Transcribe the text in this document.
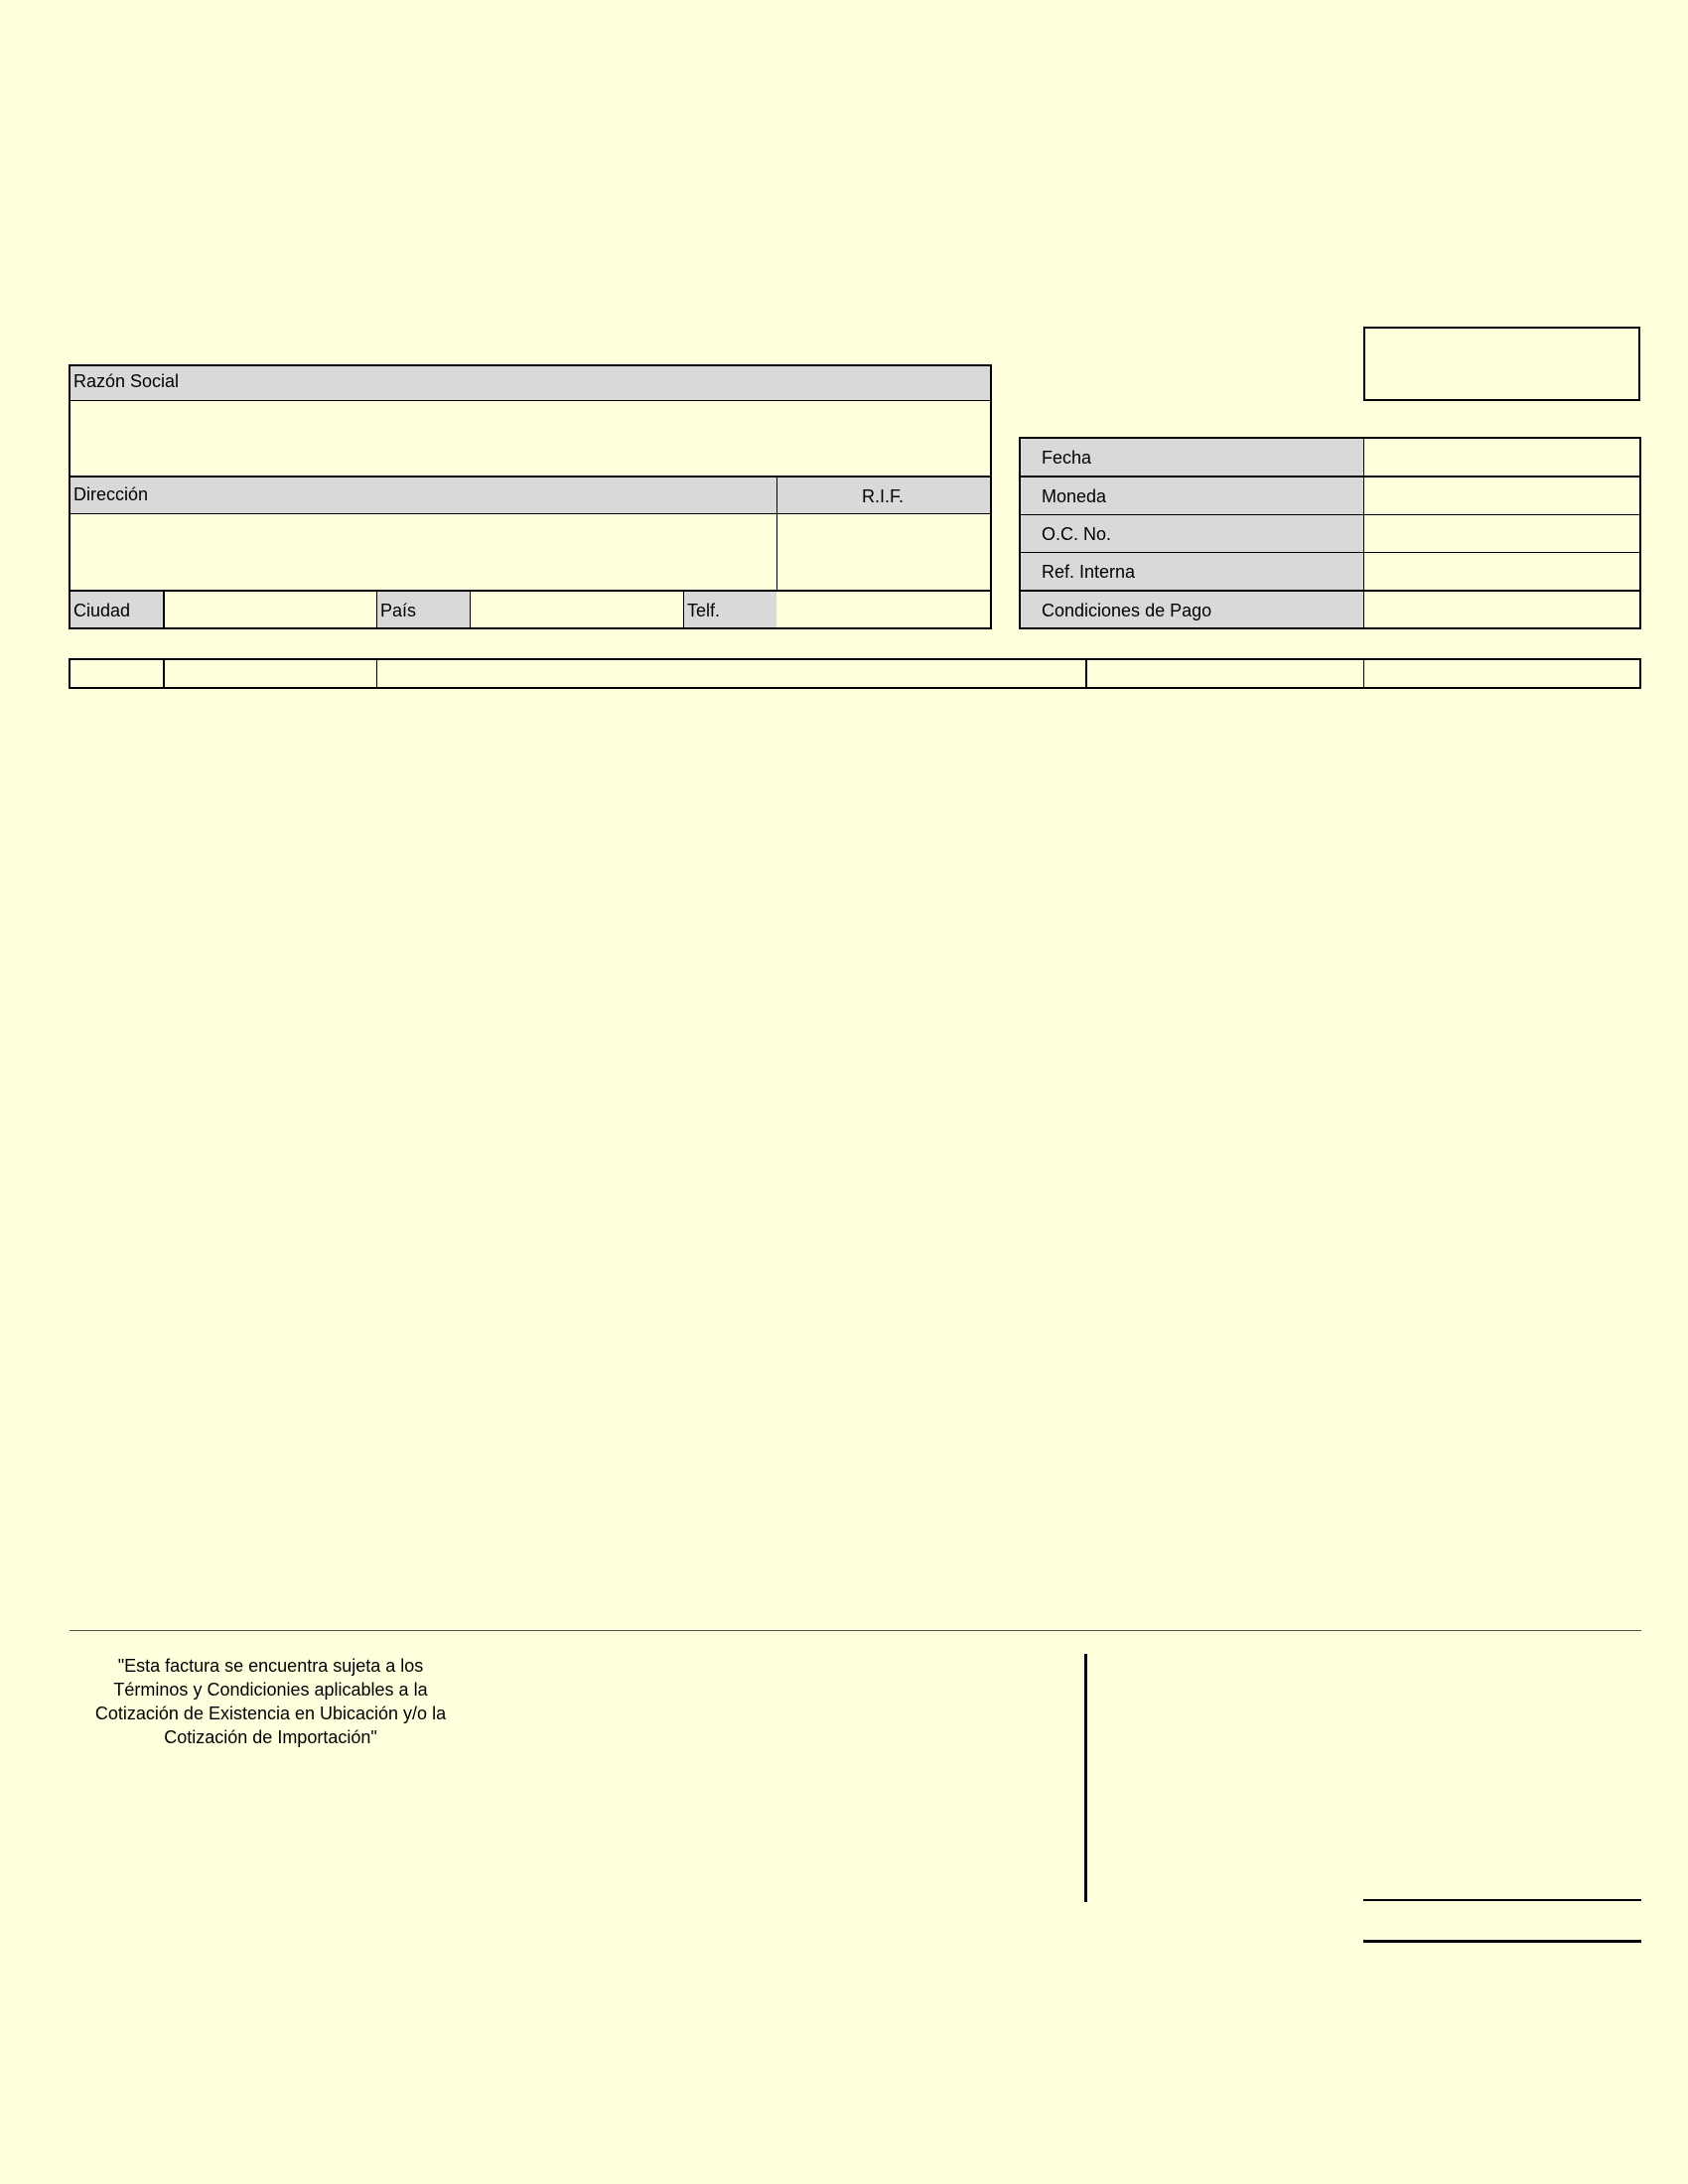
Razón Social
Dirección	R.I.F.
Ciudad	País	Telf.
Fecha
Moneda
O.C. No.
Ref. Interna
Condiciones de Pago
"Esta factura se encuentra sujeta a los
Términos y Condicionies aplicables a la
Cotización de Existencia en Ubicación y/o la
Cotización de Importación"
